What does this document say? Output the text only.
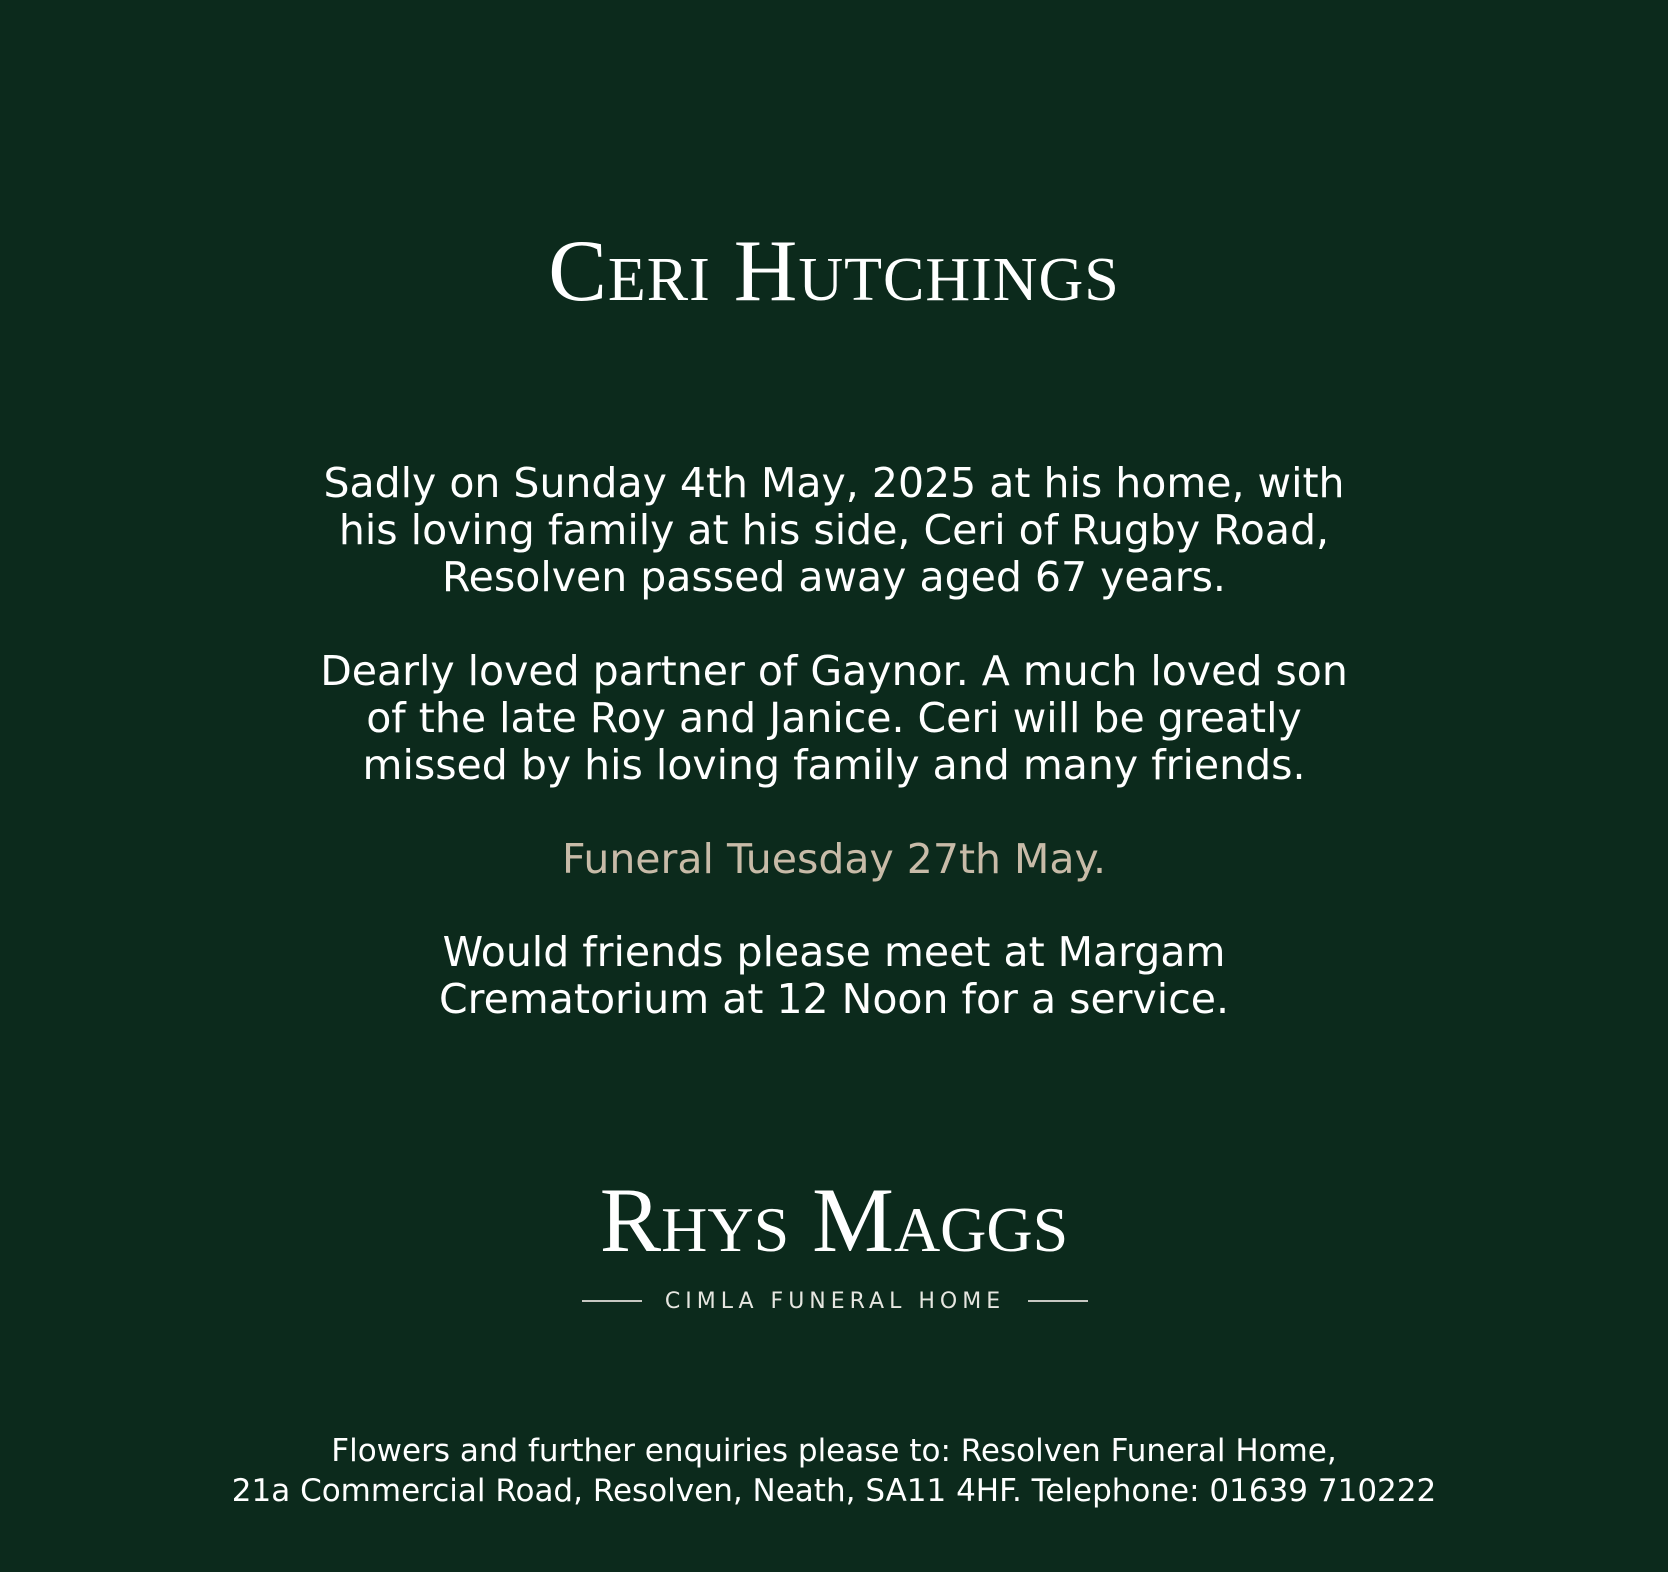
Ceri Hutchings
Sadly on Sunday 4th May, 2025 at his home, with
his loving family at his side, Ceri of Rugby Road,
Resolven passed away aged 67 years.
Dearly loved partner of Gaynor. A much loved son
of the late Roy and Janice. Ceri will be greatly
missed by his loving family and many friends.
Funeral Tuesday 27th May.
Would friends please meet at Margam
Crematorium at 12 Noon for a service.
Rhys Maggs
CIMLA FUNERAL HOME
Flowers and further enquiries please to: Resolven Funeral Home,
21a Commercial Road, Resolven, Neath, SA11 4HF. Telephone: 01639 710222
